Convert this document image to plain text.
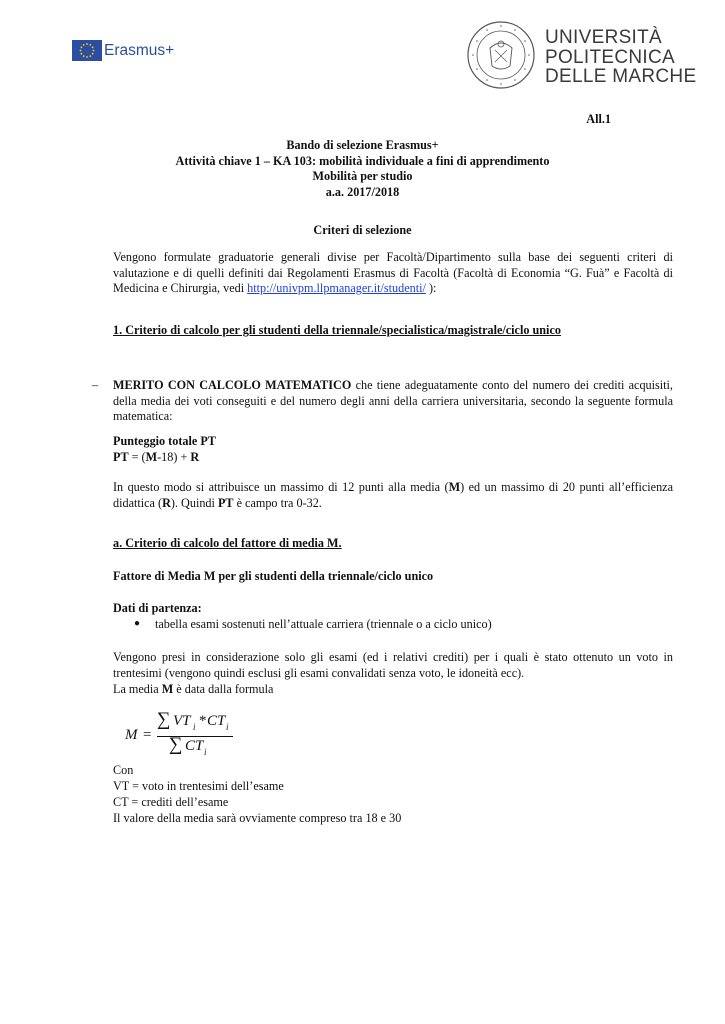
Erasmus+
UNIVERSITÀ
POLITECNICA
DELLE MARCHE
All.1
Bando di selezione Erasmus+
Attività chiave 1 – KA 103: mobilità individuale a fini di apprendimento
Mobilità per studio
a.a. 2017/2018
Criteri di selezione
Vengono formulate graduatorie generali divise per Facoltà/Dipartimento sulla base dei seguenti criteri di valutazione e di quelli definiti dai Regolamenti Erasmus di Facoltà (Facoltà di Economia “G. Fuà” e Facoltà di Medicina e Chirurgia, vedi http://univpm.llpmanager.it/studenti/ ):
1. Criterio di calcolo per gli studenti della triennale/specialistica/magistrale/ciclo unico
– MERITO CON CALCOLO MATEMATICO che tiene adeguatamente conto del numero dei crediti acquisiti, della media dei voti conseguiti e del numero degli anni della carriera universitaria, secondo la seguente formula matematica:
Punteggio totale PT
PT = (M-18) + R
In questo modo si attribuisce un massimo di 12 punti alla media (M) ed un massimo di 20 punti all’efficienza didattica (R). Quindi PT è campo tra 0-32.
a. Criterio di calcolo del fattore di media M.
Fattore di Media M per gli studenti della triennale/ciclo unico
Dati di partenza:
● tabella esami sostenuti nell’attuale carriera (triennale o a ciclo unico)
Vengono presi in considerazione solo gli esami (ed i relativi crediti) per i quali è stato ottenuto un voto in trentesimi (vengono quindi esclusi gli esami convalidati senza voto, le idoneità ecc).
La media M è data dalla formula
M =
∑ VT i * CT i
∑ CT i
Con
VT = voto in trentesimi dell’esame
CT = crediti dell’esame
Il valore della media sarà ovviamente compreso tra 18 e 30
